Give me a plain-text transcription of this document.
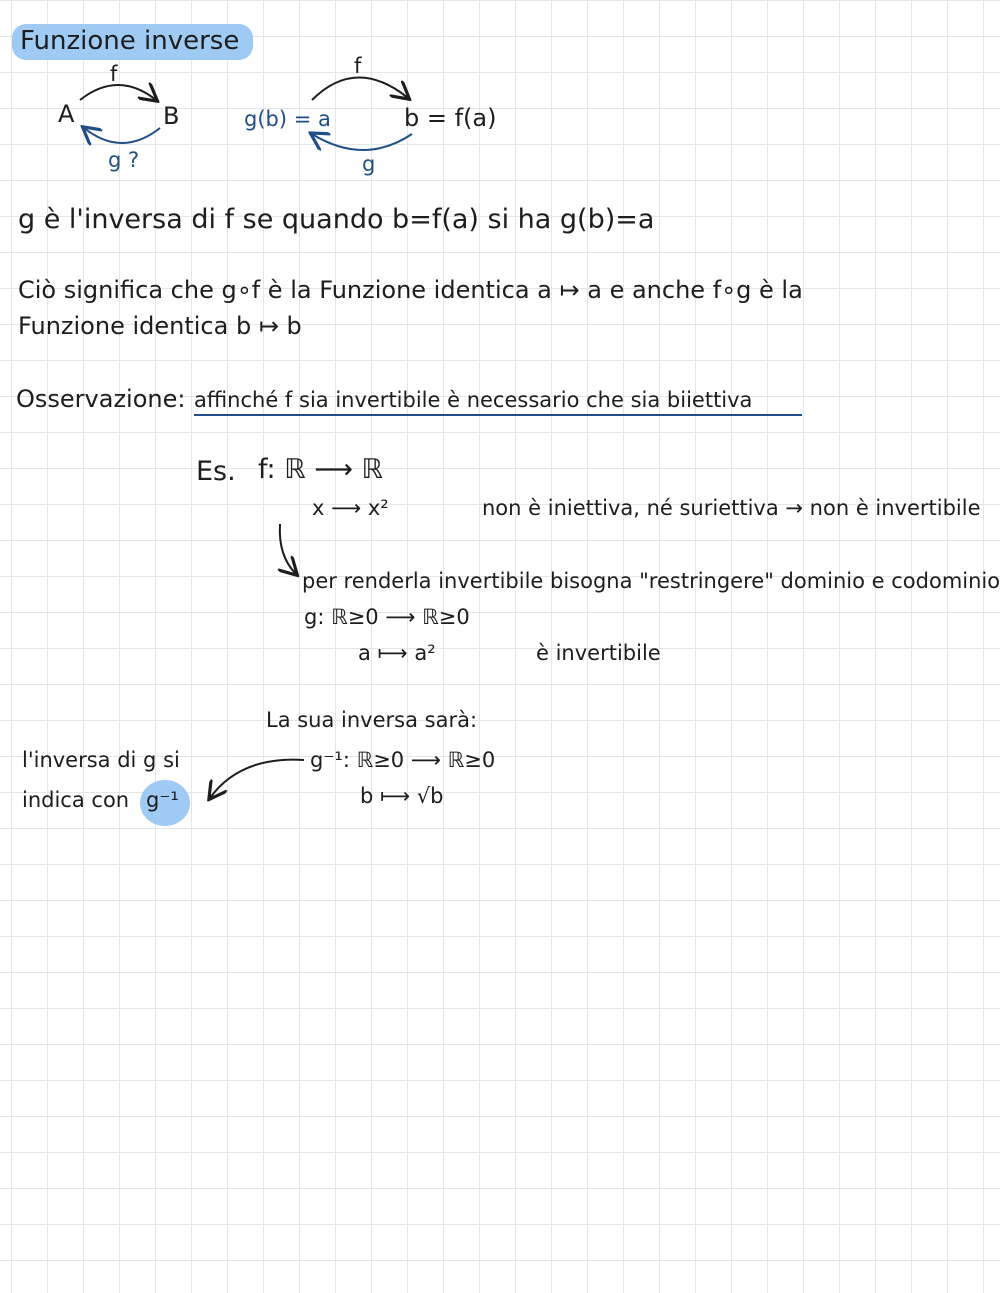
Funzione inverse
A	B
f
g ?
g(b) = a	b = f(a)
f
g
g è l'inversa di f se quando b=f(a) si ha g(b)=a
Ciò significa che g∘f è la Funzione identica a ↦ a e anche f∘g è la
Funzione identica b ↦ b
Osservazione: affinché f sia invertibile è necessario che sia biiettiva
Es. f: ℝ ⟶ ℝ
x ⟶ x²	non è iniettiva, né suriettiva → non è invertibile
per renderla invertibile bisogna "restringere" dominio e codominio
g: ℝ≥0 ⟶ ℝ≥0
a ⟼ a²	è invertibile
La sua inversa sarà:
g⁻¹: ℝ≥0 ⟶ ℝ≥0
b ⟼ √b
l'inversa di g si
indica con g⁻¹
